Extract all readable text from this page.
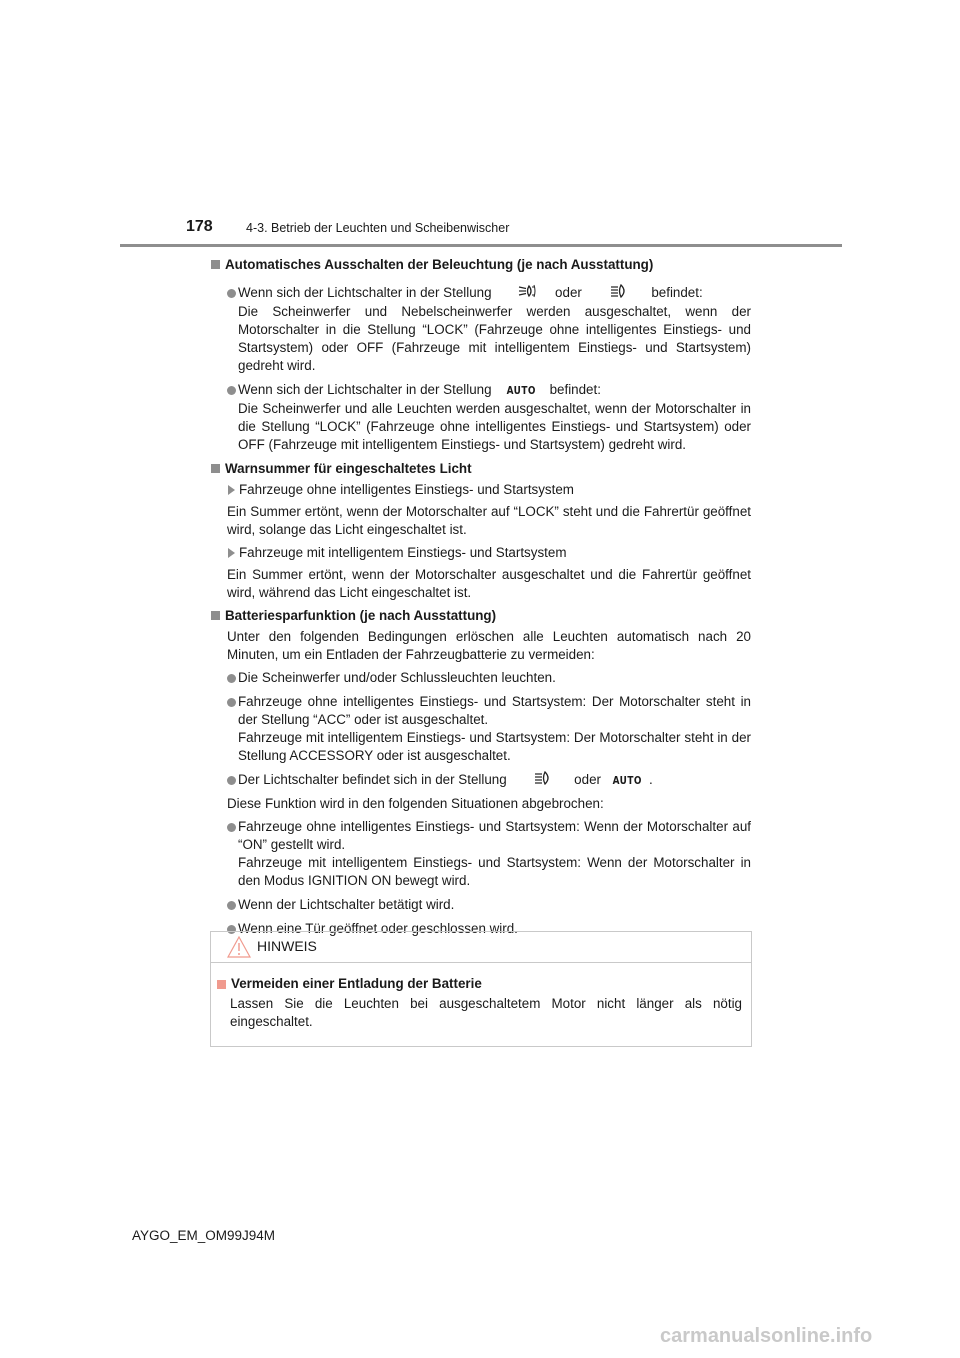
178	4-3. Betrieb der Leuchten und Scheibenwischer
Automatisches Ausschalten der Beleuchtung (je nach Ausstattung)
Wenn sich der Lichtschalter in der Stellung	oder	befindet:
Die Scheinwerfer und Nebelscheinwerfer werden ausgeschaltet, wenn der Motorschalter in die Stellung “LOCK” (Fahrzeuge ohne intelligentes Einstiegs- und Startsystem) oder OFF (Fahrzeuge mit intelligentem Einstiegs- und Startsystem) gedreht wird.
Wenn sich der Lichtschalter in der Stellung AUTO befindet:
Die Scheinwerfer und alle Leuchten werden ausgeschaltet, wenn der Motorschalter in die Stellung “LOCK” (Fahrzeuge ohne intelligentes Einstiegs- und Startsystem) oder OFF (Fahrzeuge mit intelligentem Einstiegs- und Startsystem) gedreht wird.
Warnsummer für eingeschaltetes Licht
Fahrzeuge ohne intelligentes Einstiegs- und Startsystem
Ein Summer ertönt, wenn der Motorschalter auf “LOCK” steht und die Fahrertür geöffnet wird, solange das Licht eingeschaltet ist.
Fahrzeuge mit intelligentem Einstiegs- und Startsystem
Ein Summer ertönt, wenn der Motorschalter ausgeschaltet und die Fahrertür geöffnet wird, während das Licht eingeschaltet ist.
Batteriesparfunktion (je nach Ausstattung)
Unter den folgenden Bedingungen erlöschen alle Leuchten automatisch nach 20 Minuten, um ein Entladen der Fahrzeugbatterie zu vermeiden:
Die Scheinwerfer und/oder Schlussleuchten leuchten.
Fahrzeuge ohne intelligentes Einstiegs- und Startsystem: Der Motorschalter steht in der Stellung “ACC” oder ist ausgeschaltet.
Fahrzeuge mit intelligentem Einstiegs- und Startsystem: Der Motorschalter steht in der Stellung ACCESSORY oder ist ausgeschaltet.
Der Lichtschalter befindet sich in der Stellung	oder AUTO .
Diese Funktion wird in den folgenden Situationen abgebrochen:
Fahrzeuge ohne intelligentes Einstiegs- und Startsystem: Wenn der Motorschalter auf “ON” gestellt wird.
Fahrzeuge mit intelligentem Einstiegs- und Startsystem: Wenn der Motorschalter in den Modus IGNITION ON bewegt wird.
Wenn der Lichtschalter betätigt wird.
Wenn eine Tür geöffnet oder geschlossen wird.
HINWEIS
Vermeiden einer Entladung der Batterie
Lassen Sie die Leuchten bei ausgeschaltetem Motor nicht länger als nötig eingeschaltet.
AYGO_EM_OM99J94M
carmanualsonline.info
